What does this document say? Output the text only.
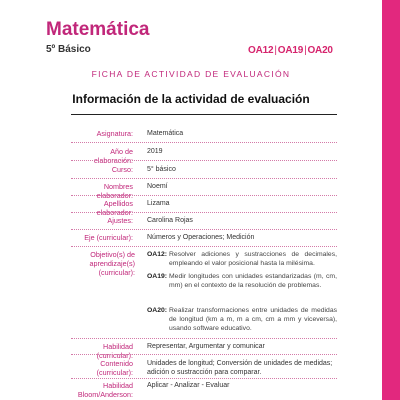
Matemática
5º Básico	OA12|OA19|OA20
FICHA DE ACTIVIDAD DE EVALUACIÓN
Información de la actividad de evaluación
Asignatura: Matemática
Año de elaboración:
2019
Curso: 5° básico
Nombres elaborador:
Noemí
Apellidos elaborador:
Lizama
Ajustes: Carolina Rojas
Eje (curricular): Números y Operaciones; Medición
Objetivo(s) de aprendizaje(s) (curricular):
OA12: Resolver adiciones y sustracciones de decimales, empleando el valor posicional hasta la milésima.
OA19: Medir longitudes con unidades estandarizadas (m, cm, mm) en el contexto de la resolución de problemas.
OA20: Realizar transformaciones entre unidades de medidas de longitud (km a m, m a cm, cm a mm y viceversa), usando software educativo.
Habilidad (curricular):
Representar, Argumentar y comunicar
Contenido (curricular):
Unidades de longitud; Conversión de unidades de medidas; adición o sustracción para comparar.
Habilidad Bloom/Anderson:
Aplicar - Analizar - Evaluar
